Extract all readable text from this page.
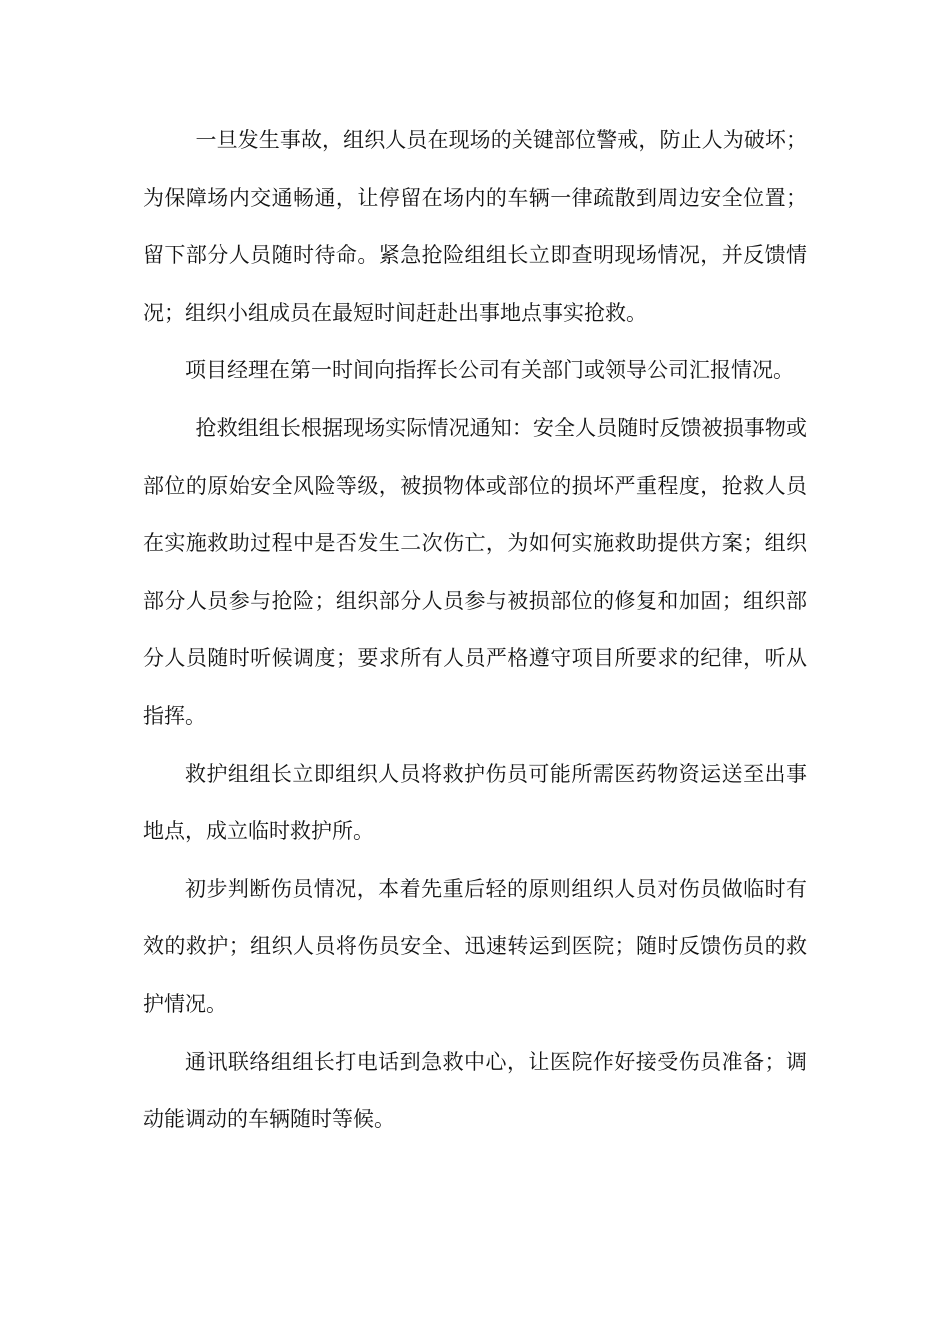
一旦发生事故，组织人员在现场的关键部位警戒，防止人为破坏；为保障场内交通畅通，让停留在场内的车辆一律疏散到周边安全位置；留下部分人员随时待命。紧急抢险组组长立即查明现场情况，并反馈情况；组织小组成员在最短时间赶赴出事地点事实抢救。

项目经理在第一时间向指挥长公司有关部门或领导公司汇报情况。

抢救组组长根据现场实际情况通知：安全人员随时反馈被损事物或部位的原始安全风险等级，被损物体或部位的损坏严重程度，抢救人员在实施救助过程中是否发生二次伤亡，为如何实施救助提供方案；组织部分人员参与抢险；组织部分人员参与被损部位的修复和加固；组织部分人员随时听候调度；要求所有人员严格遵守项目所要求的纪律，听从指挥。

救护组组长立即组织人员将救护伤员可能所需医药物资运送至出事地点，成立临时救护所。

初步判断伤员情况，本着先重后轻的原则组织人员对伤员做临时有效的救护；组织人员将伤员安全、迅速转运到医院；随时反馈伤员的救护情况。

通讯联络组组长打电话到急救中心，让医院作好接受伤员准备；调动能调动的车辆随时等候。
